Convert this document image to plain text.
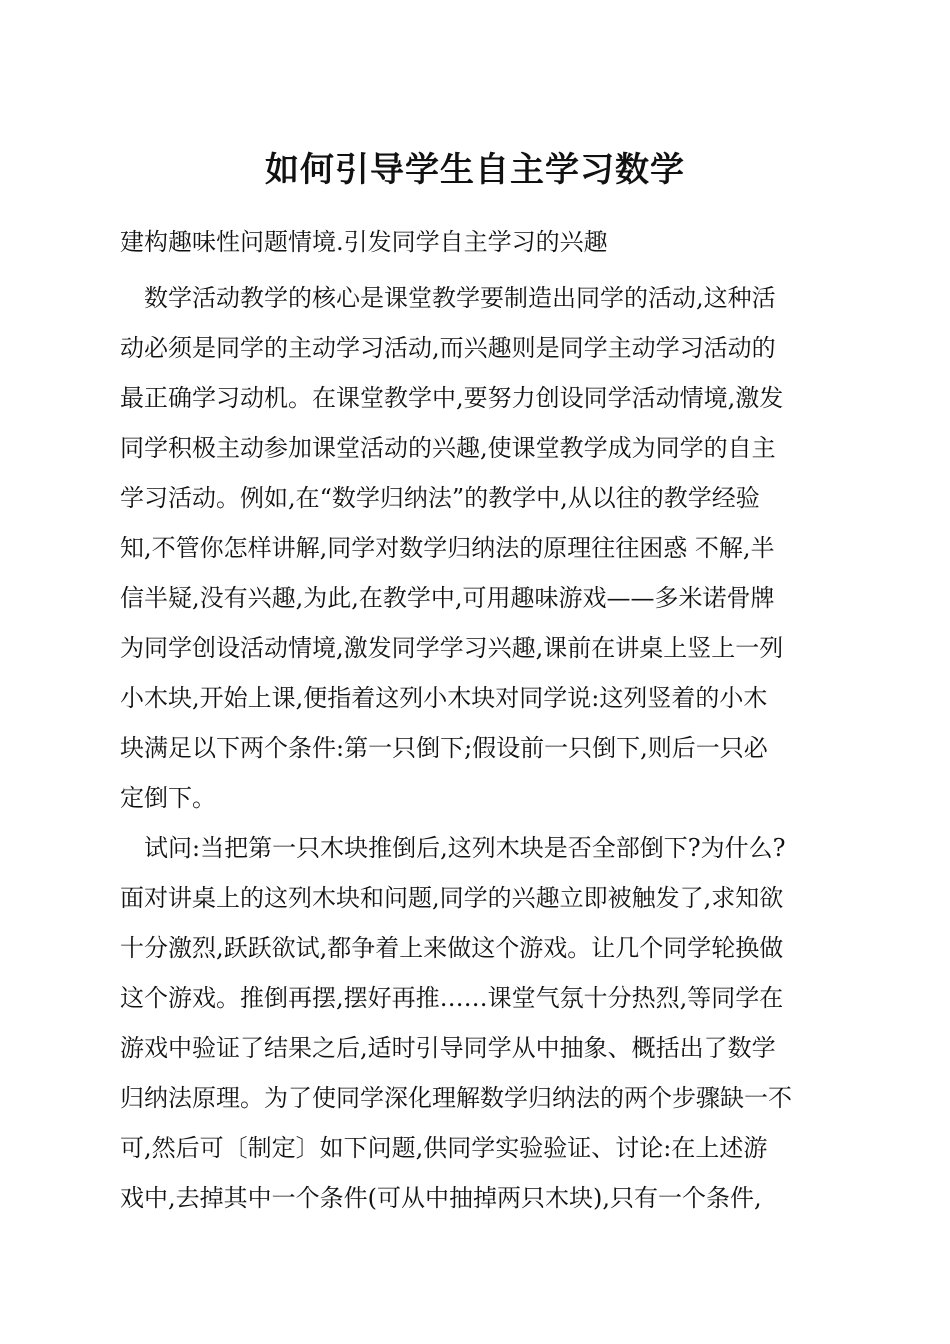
如何引导学生自主学习数学

建构趣味性问题情境.引发同学自主学习的兴趣

数学活动教学的核心是课堂教学要制造出同学的活动,这种活
动必须是同学的主动学习活动,而兴趣则是同学主动学习活动的
最正确学习动机。在课堂教学中,要努力创设同学活动情境,激发
同学积极主动参加课堂活动的兴趣,使课堂教学成为同学的自主
学习活动。例如,在“数学归纳法”的教学中,从以往的教学经验
知,不管你怎样讲解,同学对数学归纳法的原理往往困惑 不解,半
信半疑,没有兴趣,为此,在教学中,可用趣味游戏——多米诺骨牌
为同学创设活动情境,激发同学学习兴趣,课前在讲桌上竖上一列
小木块,开始上课,便指着这列小木块对同学说:这列竖着的小木
块满足以下两个条件:第一只倒下;假设前一只倒下,则后一只必
定倒下。
试问:当把第一只木块推倒后,这列木块是否全部倒下?为什么?
面对讲桌上的这列木块和问题,同学的兴趣立即被触发了,求知欲
十分激烈,跃跃欲试,都争着上来做这个游戏。让几个同学轮换做
这个游戏。推倒再摆,摆好再推……课堂气氛十分热烈,等同学在
游戏中验证了结果之后,适时引导同学从中抽象、概括出了数学
归纳法原理。为了使同学深化理解数学归纳法的两个步骤缺一不
可,然后可〔制定〕如下问题,供同学实验验证、讨论:在上述游
戏中,去掉其中一个条件(可从中抽掉两只木块),只有一个条件,
